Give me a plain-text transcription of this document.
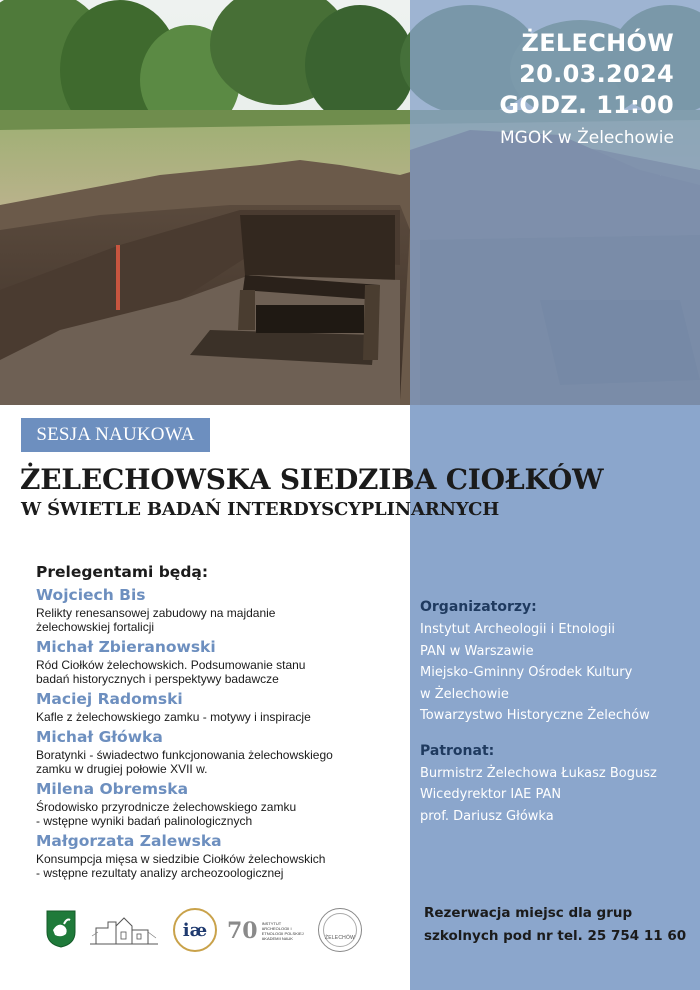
ŻELECHÓW
20.03.2024
GODZ. 11:00
MGOK w Żelechowie
SESJA NAUKOWA
ŻELECHOWSKA SIEDZIBA CIOŁKÓW
W ŚWIETLE BADAŃ INTERDYSCYPLINARNYCH
Prelegentami będą:
Wojciech Bis
Relikty renesansowej zabudowy na majdanie
żelechowskiej fortalicji
Michał Zbieranowski
Ród Ciołków żelechowskich. Podsumowanie stanu
badań historycznych i perspektywy badawcze
Maciej Radomski
Kafle z żelechowskiego zamku - motywy i inspiracje
Michał Główka
Boratynki - świadectwo funkcjonowania żelechowskiego
zamku w drugiej połowie XVII w.
Milena Obremska
Środowisko przyrodnicze żelechowskiego zamku
- wstępne wyniki badań palinologicznych
Małgorzata Zalewska
Konsumpcja mięsa w siedzibie Ciołków żelechowskich
- wstępne rezultaty analizy archeozoologicznej
Organizatorzy:
Instytut Archeologii i Etnologii
PAN w Warszawie
Miejsko-Gminny Ośrodek Kultury
w Żelechowie
Towarzystwo Historyczne Żelechów
Patronat:
Burmistrz Żelechowa Łukasz Bogusz
Wicedyrektor IAE PAN
prof. Dariusz Główka
Rezerwacja miejsc dla grup
szkolnych pod nr tel. 25 754 11 60
iæ 70 INSTYTUT ARCHEOLOGII I ETNOLOGII POLSKIEJ AKADEMII NAUK	ŻELECHÓW
